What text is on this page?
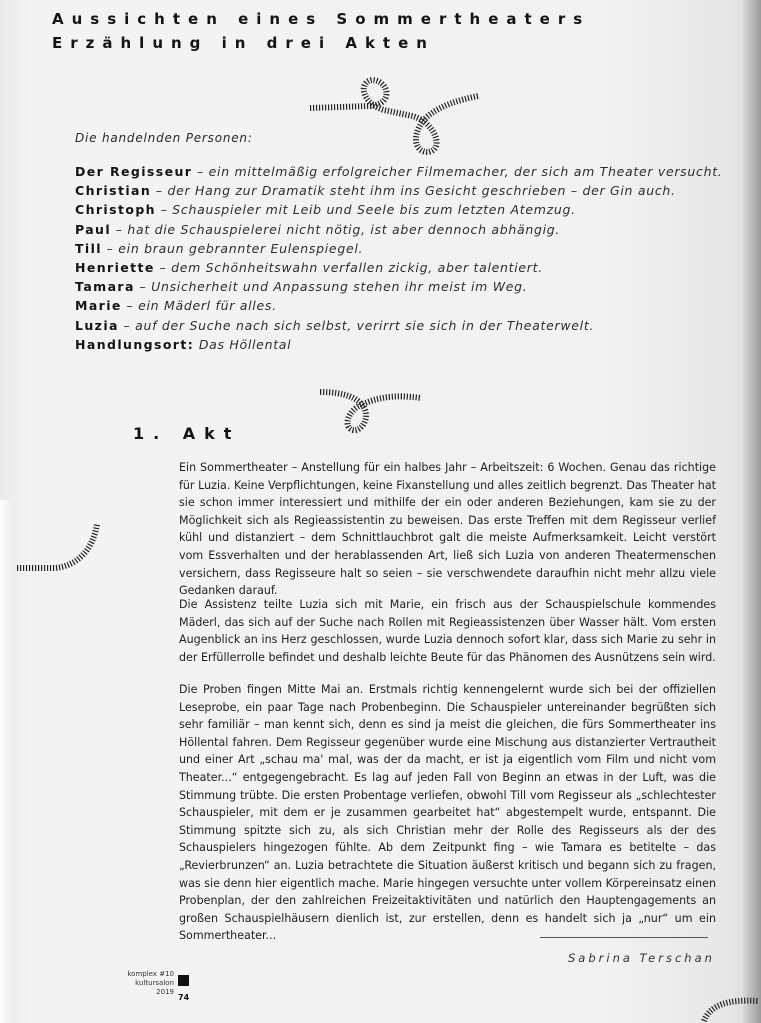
Aussichten eines Sommertheaters
Erzählung in drei Akten
Die handelnden Personen:
Der Regisseur – ein mittelmäßig erfolgreicher Filmemacher, der sich am Theater versucht.
Christian – der Hang zur Dramatik steht ihm ins Gesicht geschrieben – der Gin auch.
Christoph – Schauspieler mit Leib und Seele bis zum letzten Atemzug.
Paul – hat die Schauspielerei nicht nötig, ist aber dennoch abhängig.
Till – ein braun gebrannter Eulenspiegel.
Henriette – dem Schönheitswahn verfallen zickig, aber talentiert.
Tamara – Unsicherheit und Anpassung stehen ihr meist im Weg.
Marie – ein Mäderl für alles.
Luzia – auf der Suche nach sich selbst, verirrt sie sich in der Theaterwelt.
Handlungsort: Das Höllental
1. Akt

Ein Sommertheater – Anstellung für ein halbes Jahr – Arbeitszeit: 6 Wochen. Genau das richtige für Luzia. Keine Verpflichtungen, keine Fixanstellung und alles zeitlich begrenzt. Das Theater hat sie schon immer interessiert und mithilfe der ein oder anderen Beziehungen, kam sie zu der Möglichkeit sich als Regieassistentin zu beweisen. Das erste Treffen mit dem Regisseur verlief kühl und distanziert – dem Schnittlauchbrot galt die meiste Aufmerksamkeit. Leicht verstört vom Essverhalten und der herablassenden Art, ließ sich Luzia von anderen Theatermenschen versichern, dass Regisseure halt so seien – sie verschwendete daraufhin nicht mehr allzu viele Gedanken darauf.

Die Assistenz teilte Luzia sich mit Marie, ein frisch aus der Schauspielschule kommendes Mäderl, das sich auf der Suche nach Rollen mit Regieassistenzen über Wasser hält. Vom ersten Augenblick an ins Herz geschlossen, wurde Luzia dennoch sofort klar, dass sich Marie zu sehr in der Erfüllerrolle befindet und deshalb leichte Beute für das Phänomen des Ausnützens sein wird.

Die Proben fingen Mitte Mai an. Erstmals richtig kennengelernt wurde sich bei der offiziellen Leseprobe, ein paar Tage nach Probenbeginn. Die Schauspieler untereinander begrüßten sich sehr familiär – man kennt sich, denn es sind ja meist die gleichen, die fürs Sommertheater ins Höllental fahren. Dem Regisseur gegenüber wurde eine Mischung aus distanzierter Vertrautheit und einer Art „schau ma' mal, was der da macht, er ist ja eigentlich vom Film und nicht vom Theater...“ entgegengebracht. Es lag auf jeden Fall von Beginn an etwas in der Luft, was die Stimmung trübte. Die ersten Probentage verliefen, obwohl Till vom Regisseur als „schlechtester Schauspieler, mit dem er je zusammen gearbeitet hat“ abgestempelt wurde, entspannt. Die Stimmung spitzte sich zu, als sich Christian mehr der Rolle des Regisseurs als der des Schauspielers hingezogen fühlte. Ab dem Zeitpunkt fing – wie Tamara es betitelte – das „Revierbrunzen“ an. Luzia betrachtete die Situation äußerst kritisch und begann sich zu fragen, was sie denn hier eigentlich mache. Marie hingegen versuchte unter vollem Körpereinsatz einen Probenplan, der den zahlreichen Freizeitaktivitäten und natürlich den Hauptengagements an großen Schauspielhäusern dienlich ist, zur erstellen, denn es handelt sich ja „nur“ um ein Sommertheater...

Sabrina Terschan
komplex #10
kultursalon
2019
74
